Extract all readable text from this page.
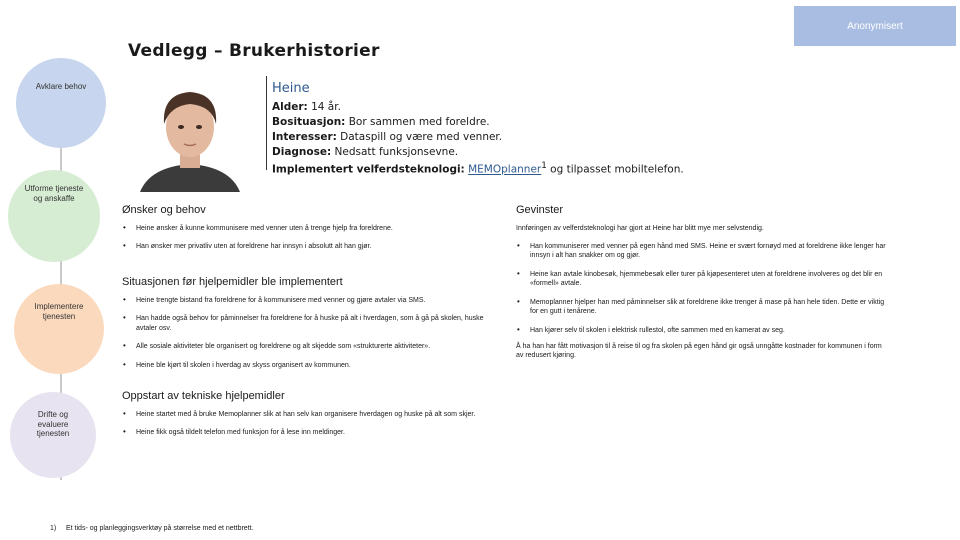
Anonymisert
Vedlegg – Brukerhistorier
Avklare behov
Utforme tjeneste og anskaffe
Implementere tjenesten
Drifte og evaluere tjenesten
Heine
Alder: 14 år.
Bosituasjon: Bor sammen med foreldre.
Interesser: Dataspill og være med venner.
Diagnose: Nedsatt funksjonsevne.
Implementert velferdsteknologi: MEMOplanner$^1$ og tilpasset mobiltelefon.
Ønsker og behov
• Heine ønsker å kunne kommunisere med venner uten å trenge hjelp fra foreldrene.
• Han ønsker mer privatliv uten at foreldrene har innsyn i absolutt alt han gjør.
Situasjonen før hjelpemidler ble implementert
• Heine trengte bistand fra foreldrene for å kommunisere med venner og gjøre avtaler via SMS.
• Han hadde også behov for påminnelser fra foreldrene for å huske på alt i hverdagen, som å gå på skolen, huske avtaler osv.
• Alle sosiale aktiviteter ble organisert og foreldrene og alt skjedde som «strukturerte aktiviteter».
• Heine ble kjørt til skolen i hverdag av skyss organisert av kommunen.
Oppstart av tekniske hjelpemidler
• Heine startet med å bruke Memoplanner slik at han selv kan organisere hverdagen og huske på alt som skjer.
• Heine fikk også tildelt telefon med funksjon for å lese inn meldinger.
Gevinster
Innføringen av velferdsteknologi har gjort at Heine har blitt mye mer selvstendig.
• Han kommuniserer med venner på egen hånd med SMS. Heine er svært fornøyd med at foreldrene ikke lenger har innsyn i alt han snakker om og gjør.
• Heine kan avtale kinobesøk, hjemmebesøk eller turer på kjøpesenteret uten at foreldrene involveres og det blir en «formell» avtale.
• Memoplanner hjelper han med påminnelser slik at foreldrene ikke trenger å mase på han hele tiden. Dette er viktig for en gutt i tenårene.
• Han kjører selv til skolen i elektrisk rullestol, ofte sammen med en kamerat av seg.
Å ha han har fått motivasjon til å reise til og fra skolen på egen hånd gir også unngåtte kostnader for kommunen i form av redusert kjøring.
1) Et tids- og planleggingsverktøy på størrelse med et nettbrett.
